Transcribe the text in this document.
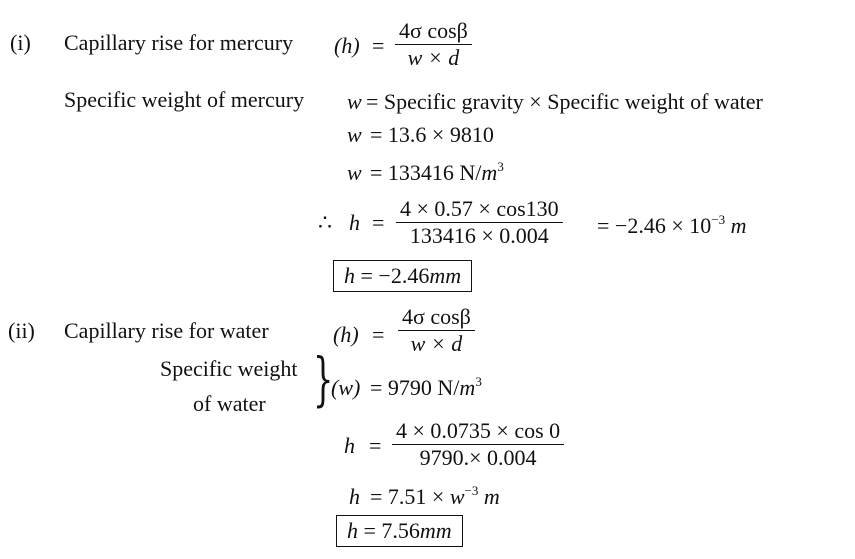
(i) Capillary rise for mercury $(h) = \frac{\text{4σ cosβ}}{w \times d}$
Specific weight of mercury w = Specific gravity × Specific weight of water
w = 13.6 × 9810
w = 133416 $N/m^3$
∴ $h = \frac{4 \times 0.57 \times \cos 130}{133416 \times 0.004} = -2.46 \times 10^{-3}$ m
h = −2.46mm
(ii) Capillary rise for water	$(h) = \frac{\text{4σ cosβ}}{w \times d}$
Specific weight
of water }
(w) = 9790 $N/m^3$
$h = \frac{4 \times 0.0735 \times \cos 0}{9790.\times 0.004}$
$h = 7.51 \times w^{-3}$ m
h = 7.56mm
